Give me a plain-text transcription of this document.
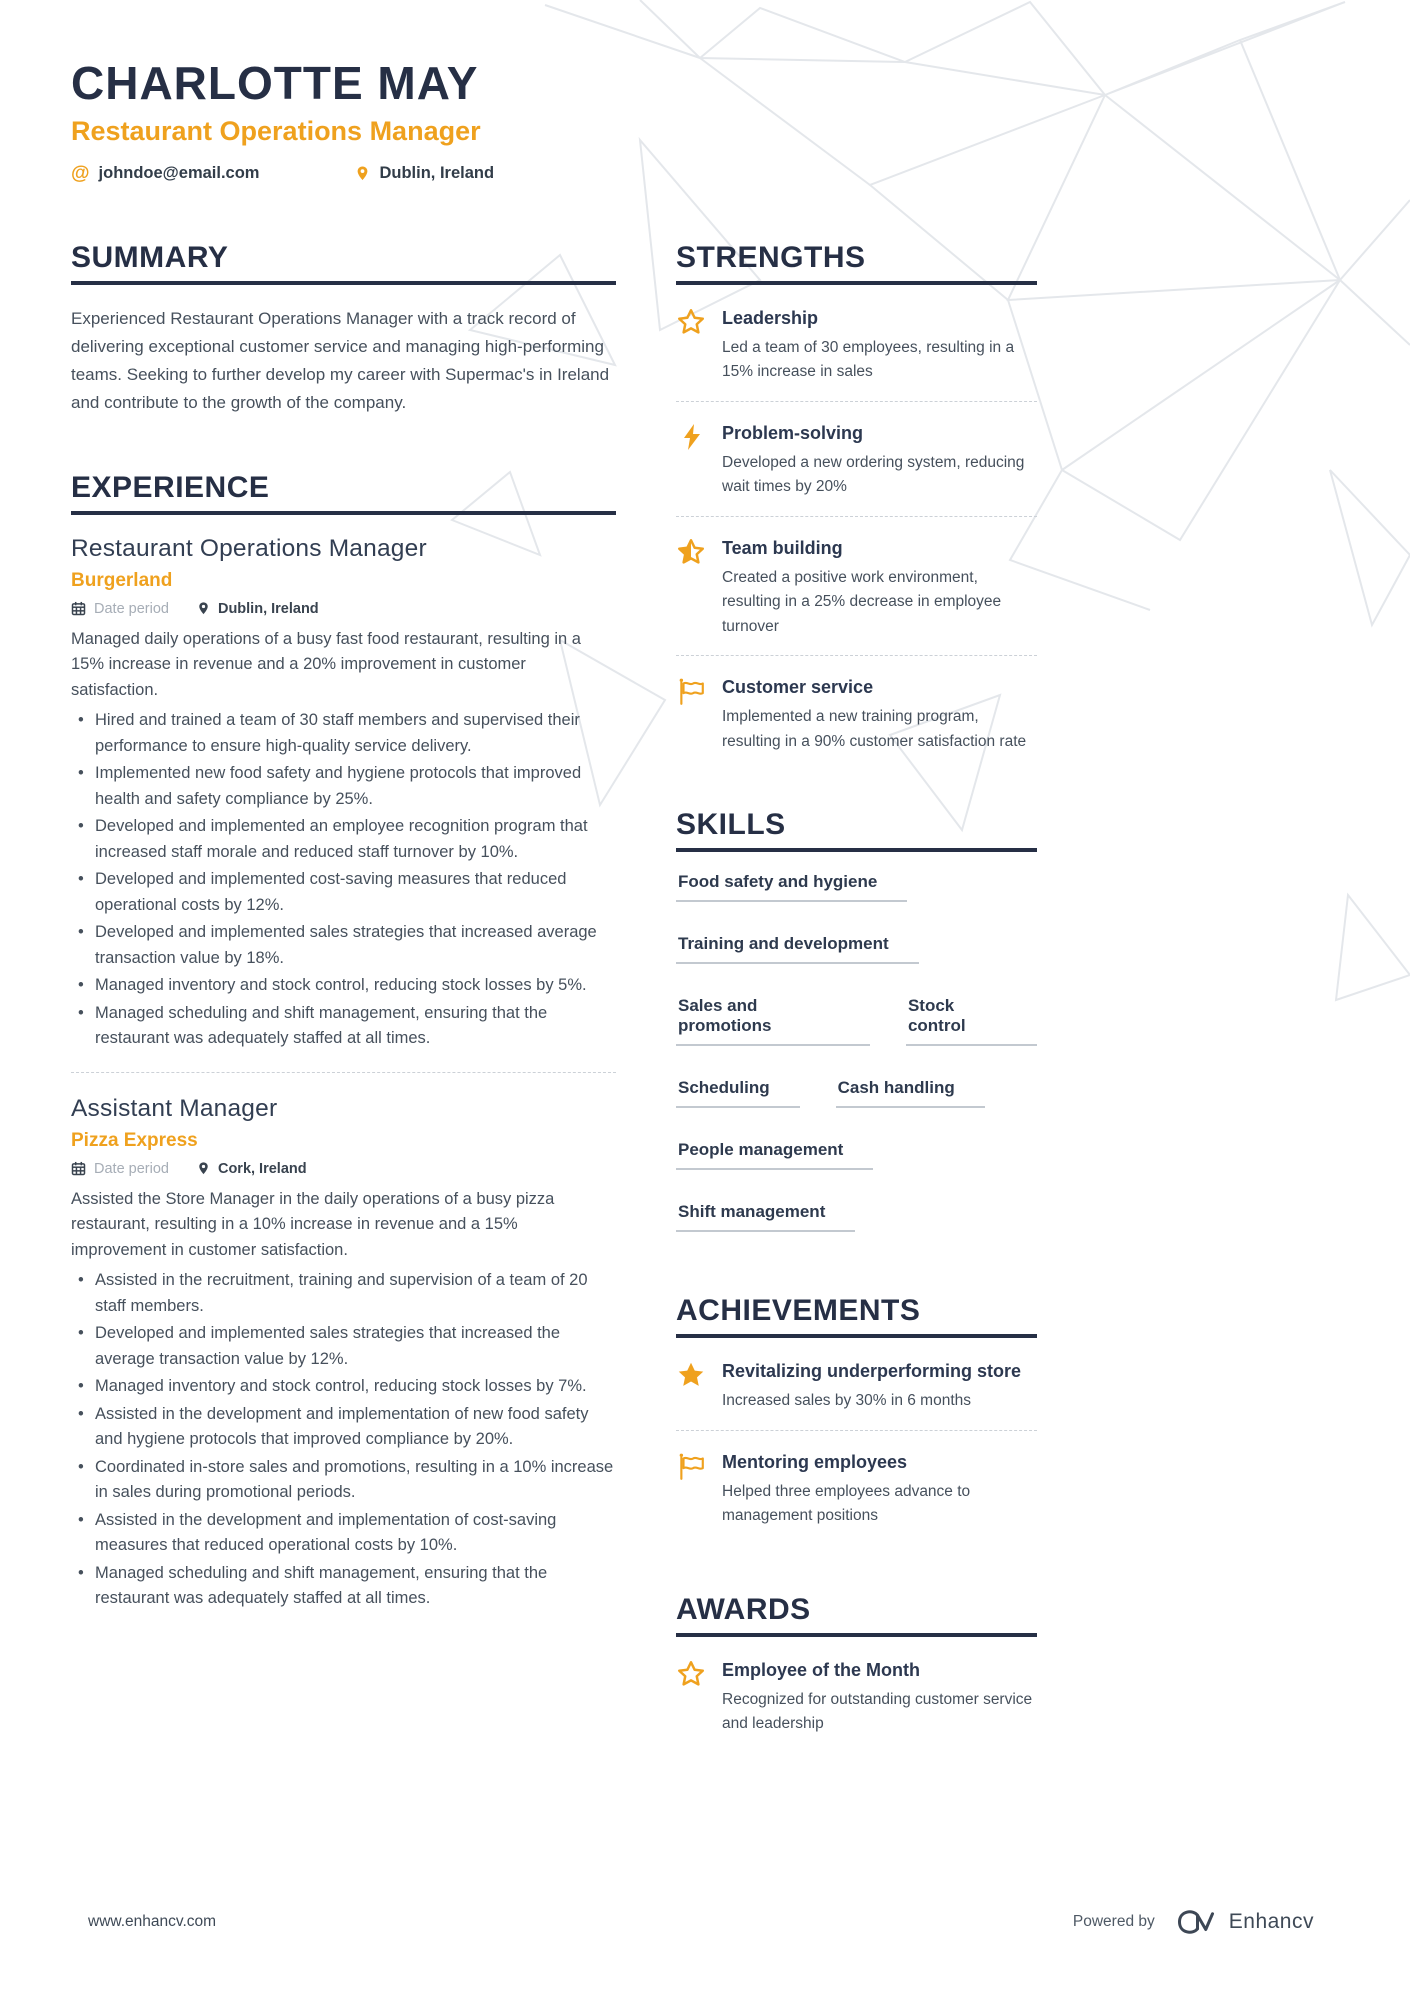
CHARLOTTE MAY
Restaurant Operations Manager
@ johndoe@email.com	Dublin, Ireland
SUMMARY

Experienced Restaurant Operations Manager with a track record of delivering exceptional customer service and managing high-performing teams. Seeking to further develop my career with Supermac's in Ireland and contribute to the growth of the company.

EXPERIENCE
Restaurant Operations Manager
Burgerland
Date period	Dublin, Ireland

Managed daily operations of a busy fast food restaurant, resulting in a 15% increase in revenue and a 20% improvement in customer satisfaction.

• Hired and trained a team of 30 staff members and supervised their performance to ensure high-quality service delivery.
• Implemented new food safety and hygiene protocols that improved health and safety compliance by 25%.
• Developed and implemented an employee recognition program that increased staff morale and reduced staff turnover by 10%.
• Developed and implemented cost-saving measures that reduced operational costs by 12%.
• Developed and implemented sales strategies that increased average transaction value by 18%.
• Managed inventory and stock control, reducing stock losses by 5%.
• Managed scheduling and shift management, ensuring that the restaurant was adequately staffed at all times.
Assistant Manager
Pizza Express
Date period	Cork, Ireland

Assisted the Store Manager in the daily operations of a busy pizza restaurant, resulting in a 10% increase in revenue and a 15% improvement in customer satisfaction.

• Assisted in the recruitment, training and supervision of a team of 20 staff members.
• Developed and implemented sales strategies that increased the average transaction value by 12%.
• Managed inventory and stock control, reducing stock losses by 7%.
• Assisted in the development and implementation of new food safety and hygiene protocols that improved compliance by 20%.
• Coordinated in-store sales and promotions, resulting in a 10% increase in sales during promotional periods.
• Assisted in the development and implementation of cost-saving measures that reduced operational costs by 10%.
• Managed scheduling and shift management, ensuring that the restaurant was adequately staffed at all times.
STRENGTHS
Leadership
Led a team of 30 employees, resulting in a 15% increase in sales
Problem-solving
Developed a new ordering system, reducing wait times by 20%
Team building
Created a positive work environment, resulting in a 25% decrease in employee turnover
Customer service
Implemented a new training program, resulting in a 90% customer satisfaction rate
SKILLS
Food safety and hygiene
Training and development
Sales and promotions
Stock control
Scheduling	Cash handling
People management
Shift management
ACHIEVEMENTS
Revitalizing underperforming store
Increased sales by 30% in 6 months
Mentoring employees
Helped three employees advance to management positions
AWARDS
Employee of the Month
Recognized for outstanding customer service and leadership
www.enhancv.com	Powered by	Enhancv
